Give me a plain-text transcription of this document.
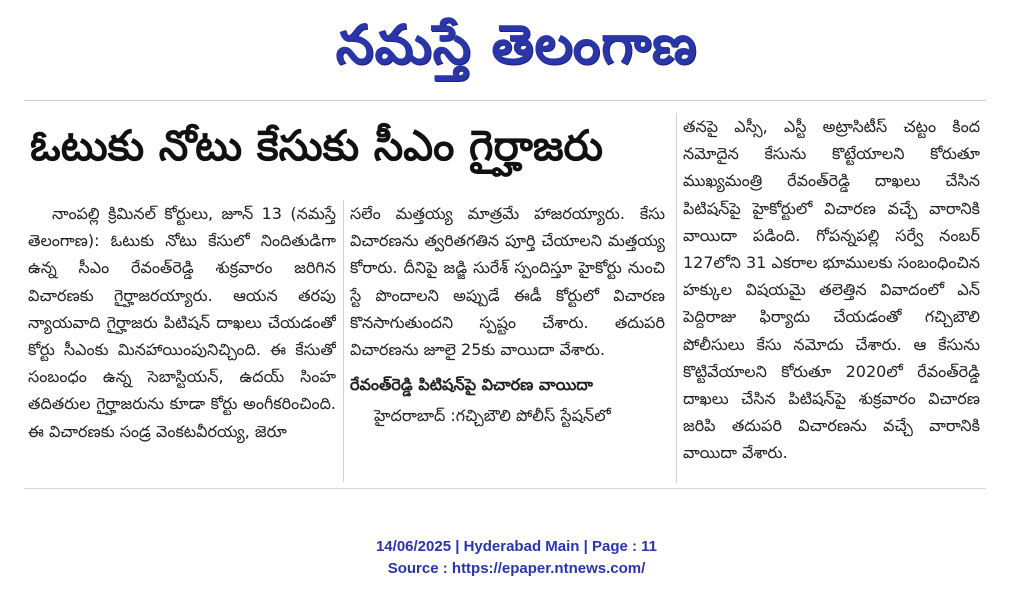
నమస్తే తెలంగాణ
ఓటుకు నోటు కేసుకు సీఎం గైర్హాజరు

నాంపల్లి క్రిమినల్ కోర్టులు, జూన్ 13 (నమస్తే తెలంగాణ): ఓటుకు నోటు కేసులో నిందితుడిగా ఉన్న సీఎం రేవంత్‌రెడ్డి శుక్రవారం జరిగిన విచారణకు గైర్హాజరయ్యారు. ఆయన తరపు న్యాయవాది గైర్హాజరు పిటిషన్ దాఖలు చేయడంతో కోర్టు సీఎంకు మినహాయింపునిచ్చింది. ఈ కేసుతో సంబంధం ఉన్న సెబాస్టియన్, ఉదయ్ సింహ తదితరుల గైర్హాజరును కూడా కోర్టు అంగీకరించింది. ఈ విచారణకు సండ్ర వెంకటవీరయ్య, జెరూ

సలేం మత్తయ్య మాత్రమే హాజరయ్యారు. కేసు విచారణను త్వరితగతిన పూర్తి చేయాలని మత్తయ్య కోరారు. దీనిపై జడ్జి సురేశ్ స్పందిస్తూ హైకోర్టు నుంచి స్టే పొందాలని అప్పుడే ఈడీ కోర్టులో విచారణ కొనసాగుతుందని స్పష్టం చేశారు. తదుపరి విచారణను జూలై 25కు వాయిదా వేశారు.

రేవంత్‌రెడ్డి పిటిషన్‌పై విచారణ వాయిదా

హైదరాబాద్ :గచ్చిబౌలి పోలీస్ స్టేషన్‌లో

తనపై ఎస్సీ, ఎస్టీ అట్రాసిటీస్ చట్టం కింద నమోదైన కేసును కొట్టేయాలని కోరుతూ ముఖ్యమంత్రి రేవంత్‌రెడ్డి దాఖలు చేసిన పిటిషన్‌పై హైకోర్టులో విచారణ వచ్చే వారానికి వాయిదా పడింది. గోపన్నపల్లి సర్వే నంబర్ 127లోని 31 ఎకరాల భూములకు సంబంధించిన హక్కుల విషయమై తలెత్తిన వివాదంలో ఎన్ పెద్దిరాజు ఫిర్యాదు చేయడంతో గచ్చిబౌలి పోలీసులు కేసు నమోదు చేశారు. ఆ కేసును కొట్టివేయాలని కోరుతూ 2020లో రేవంత్‌రెడ్డి దాఖలు చేసిన పిటిషన్‌పై శుక్రవారం విచారణ జరిపి తదుపరి విచారణను వచ్చే వారానికి వాయిదా వేశారు.

14/06/2025 | Hyderabad Main | Page : 11
Source : https://epaper.ntnews.com/
